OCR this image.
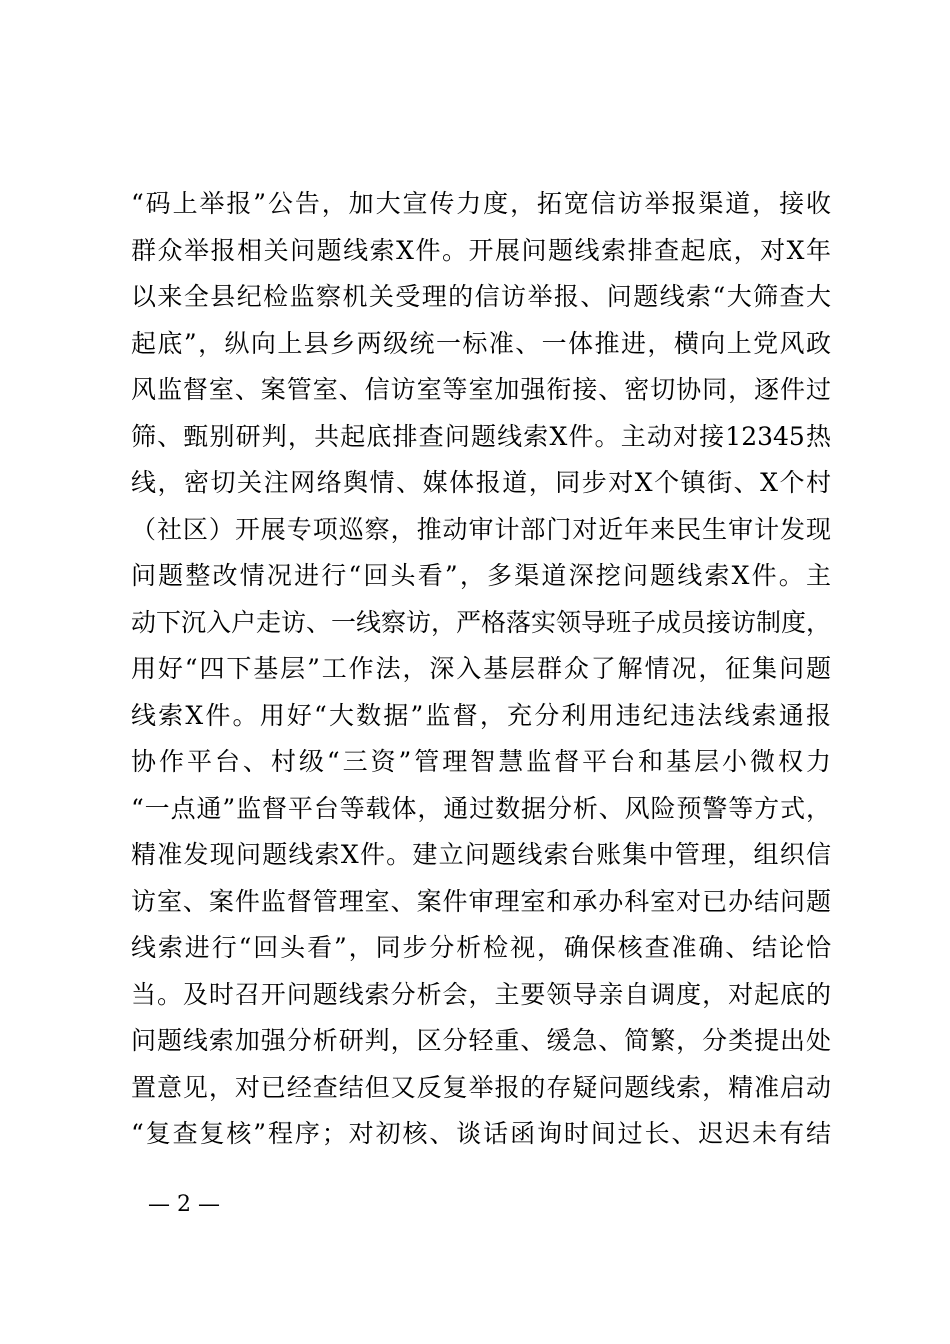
“码上举报”公告，加大宣传力度，拓宽信访举报渠道，接收
群众举报相关问题线索X件。开展问题线索排查起底，对X年
以来全县纪检监察机关受理的信访举报、问题线索“大筛查大
起底”，纵向上县乡两级统一标准、一体推进，横向上党风政
风监督室、案管室、信访室等室加强衔接、密切协同，逐件过
筛、甄别研判，共起底排查问题线索X件。主动对接12345热
线，密切关注网络舆情、媒体报道，同步对X个镇街、X个村
（社区）开展专项巡察，推动审计部门对近年来民生审计发现
问题整改情况进行“回头看”，多渠道深挖问题线索X件。主
动下沉入户走访、一线察访，严格落实领导班子成员接访制度，
用好“四下基层”工作法，深入基层群众了解情况，征集问题
线索X件。用好“大数据”监督，充分利用违纪违法线索通报
协作平台、村级“三资”管理智慧监督平台和基层小微权力
“一点通”监督平台等载体，通过数据分析、风险预警等方式，
精准发现问题线索X件。建立问题线索台账集中管理，组织信
访室、案件监督管理室、案件审理室和承办科室对已办结问题
线索进行“回头看”，同步分析检视，确保核查准确、结论恰
当。及时召开问题线索分析会，主要领导亲自调度，对起底的
问题线索加强分析研判，区分轻重、缓急、简繁，分类提出处
置意见，对已经查结但又反复举报的存疑问题线索，精准启动
“复查复核”程序；对初核、谈话函询时间过长、迟迟未有结
— 2 —
